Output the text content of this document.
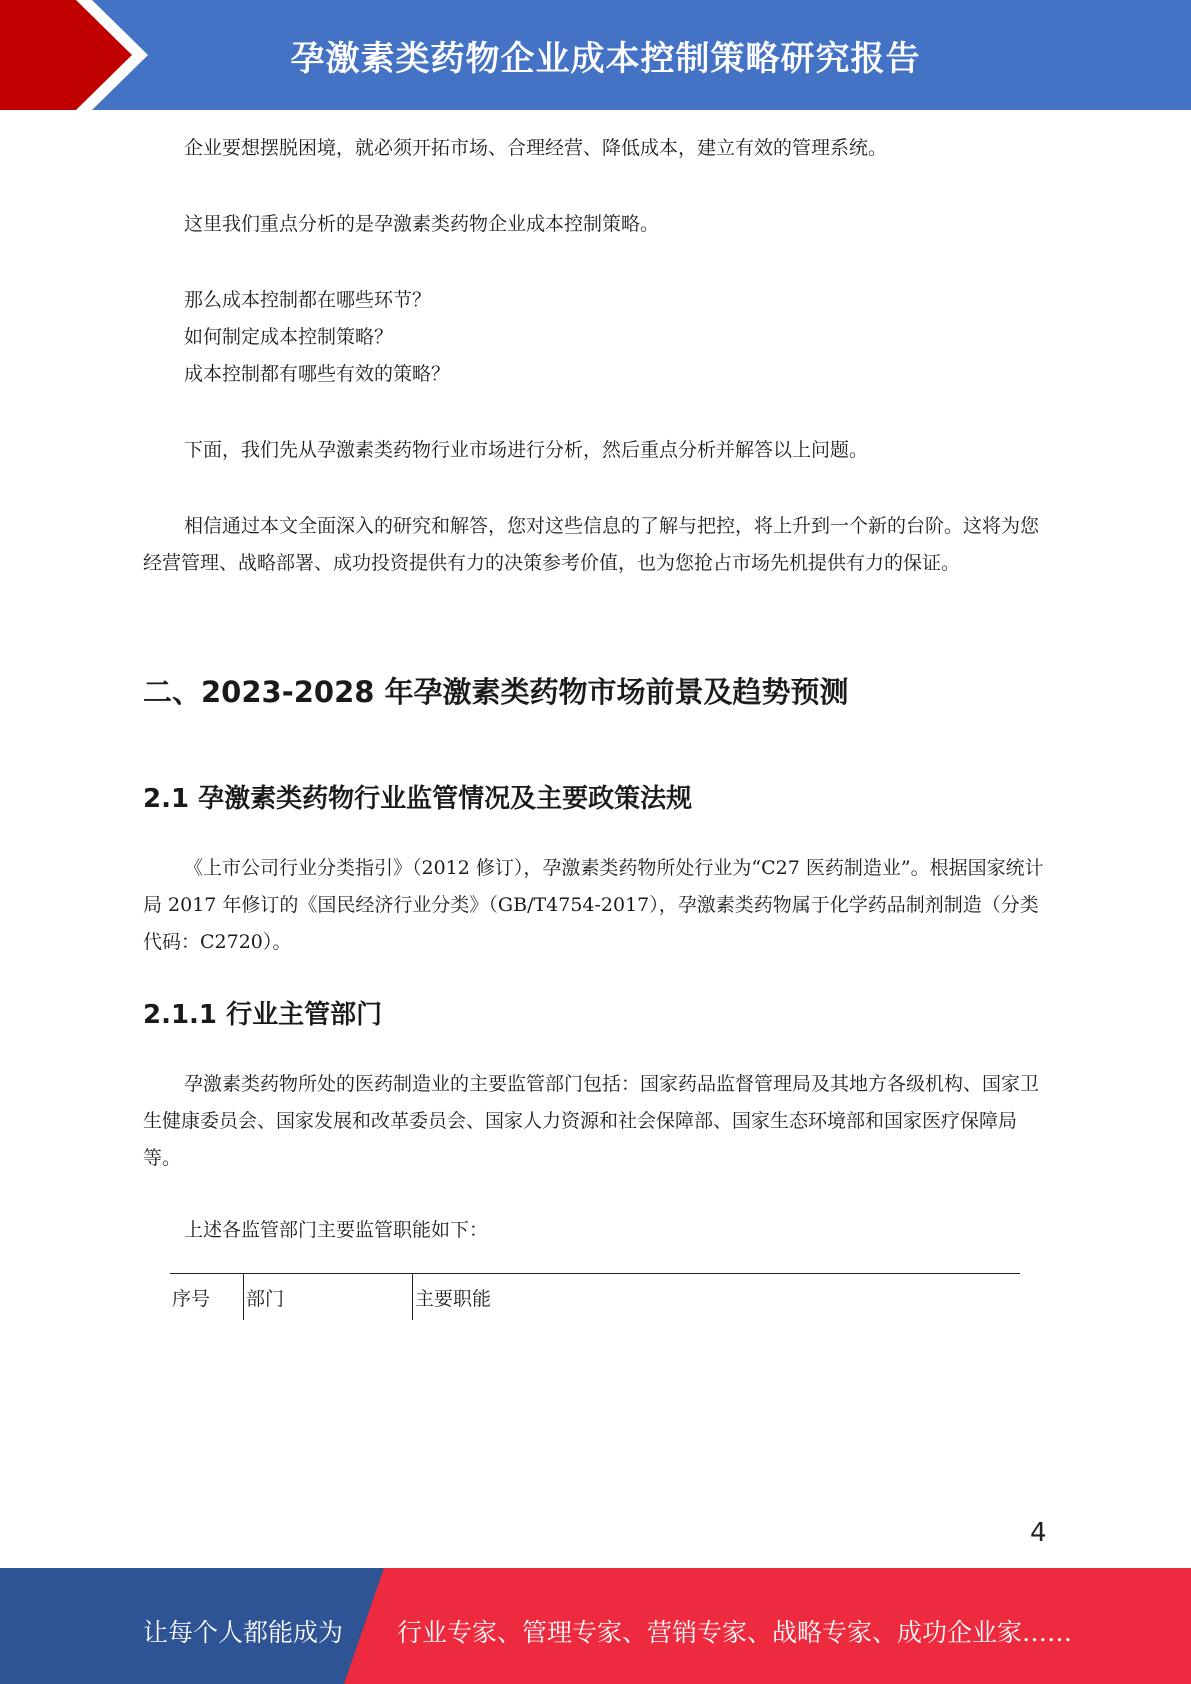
孕激素类药物企业成本控制策略研究报告

企业要想摆脱困境，就必须开拓市场、合理经营、降低成本，建立有效的管理系统。

这里我们重点分析的是孕激素类药物企业成本控制策略。

那么成本控制都在哪些环节？

如何制定成本控制策略？

成本控制都有哪些有效的策略？

下面，我们先从孕激素类药物行业市场进行分析，然后重点分析并解答以上问题。

相信通过本文全面深入的研究和解答，您对这些信息的了解与把控，将上升到一个新的台阶。这将为您经营管理、战略部署、成功投资提供有力的决策参考价值，也为您抢占市场先机提供有力的保证。

二、2023-2028 年孕激素类药物市场前景及趋势预测
2.1 孕激素类药物行业监管情况及主要政策法规

《上市公司行业分类指引》（2012 修订），孕激素类药物所处行业为“C27 医药制造业”。根据国家统计局 2017 年修订的《国民经济行业分类》（GB/T4754-2017），孕激素类药物属于化学药品制剂制造（分类代码：C2720）。

2.1.1 行业主管部门

孕激素类药物所处的医药制造业的主要监管部门包括：国家药品监督管理局及其地方各级机构、国家卫生健康委员会、国家发展和改革委员会、国家人力资源和社会保障部、国家生态环境部和国家医疗保障局等。

上述各监管部门主要监管职能如下：

序号	部门	主要职能
4
让每个人都能成为 行业专家、管理专家、营销专家、战略专家、成功企业家……
